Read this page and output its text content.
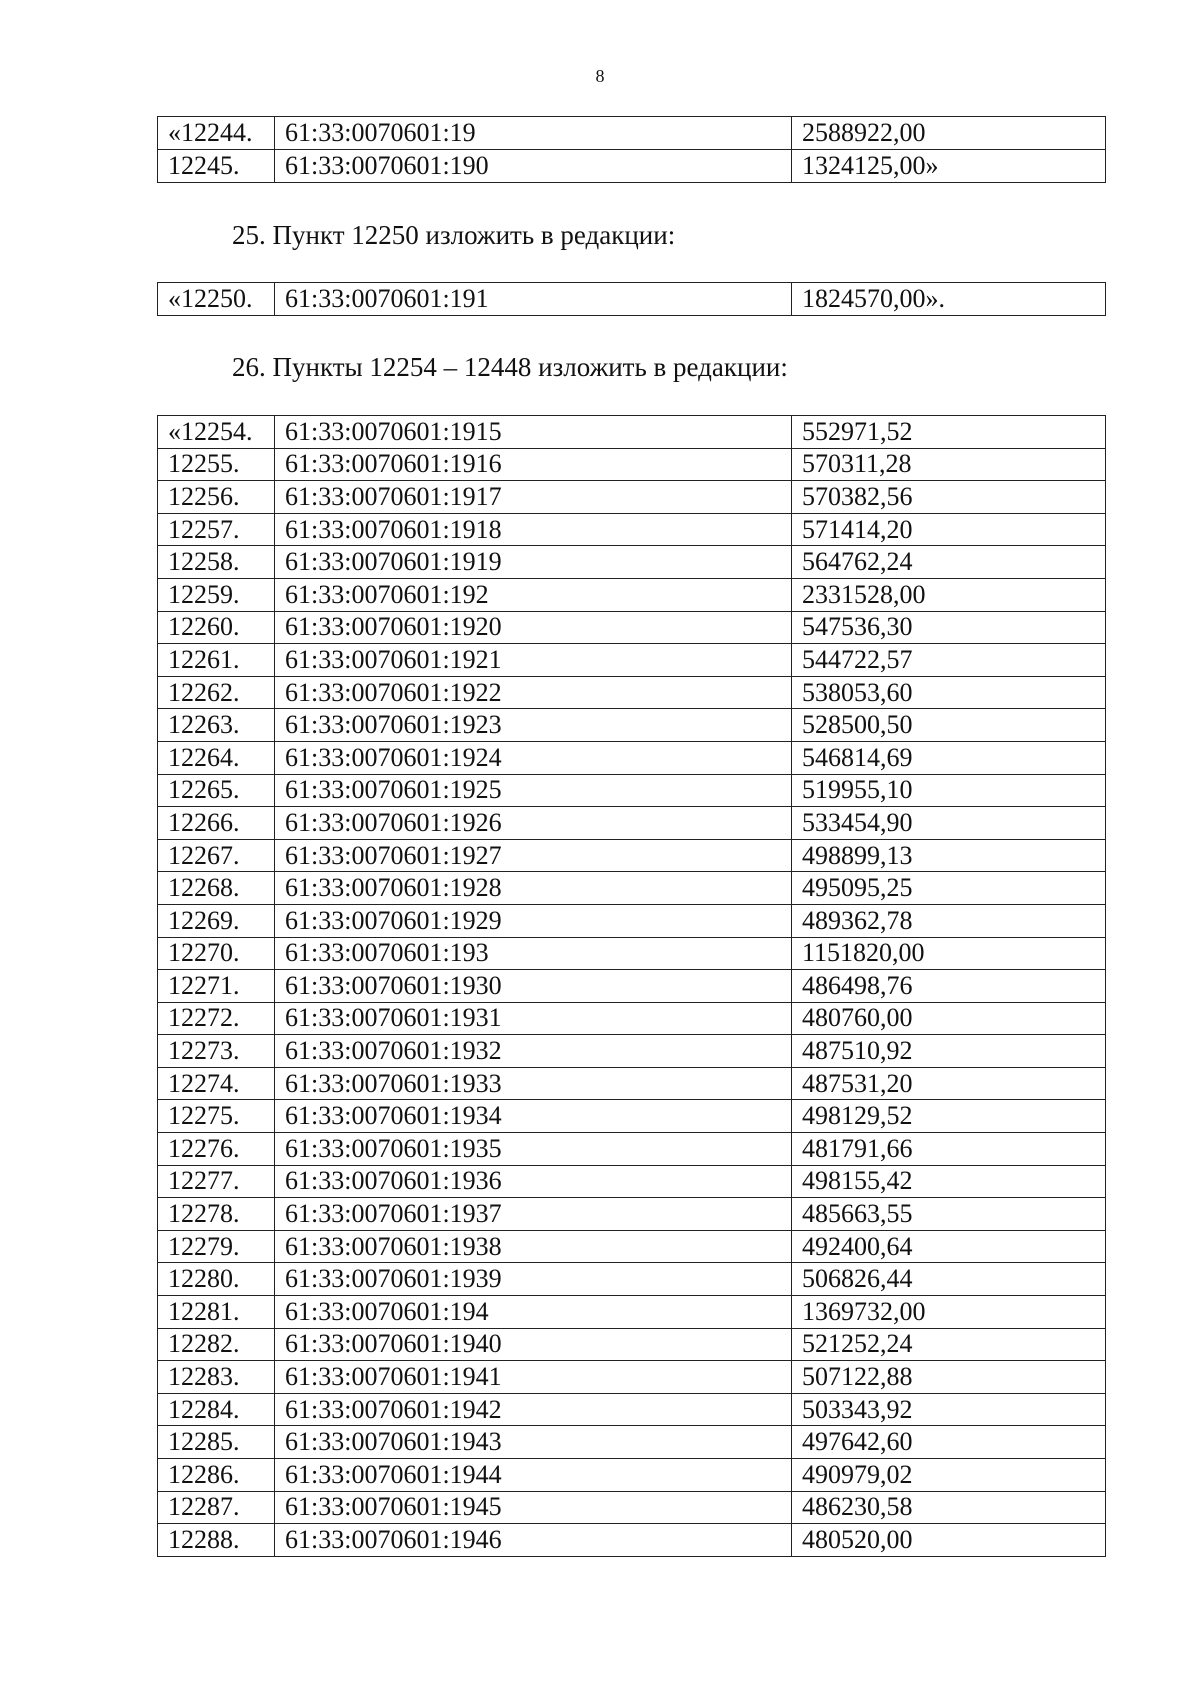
8
«12244.	61:33:0070601:19	2588922,00
12245.	61:33:0070601:190	1324125,00»
25. Пункт 12250 изложить в редакции:
«12250.	61:33:0070601:191	1824570,00».
26. Пункты 12254 – 12448 изложить в редакции:
«12254.	61:33:0070601:1915	552971,52
12255.	61:33:0070601:1916	570311,28
12256.	61:33:0070601:1917	570382,56
12257.	61:33:0070601:1918	571414,20
12258.	61:33:0070601:1919	564762,24
12259.	61:33:0070601:192	2331528,00
12260.	61:33:0070601:1920	547536,30
12261.	61:33:0070601:1921	544722,57
12262.	61:33:0070601:1922	538053,60
12263.	61:33:0070601:1923	528500,50
12264.	61:33:0070601:1924	546814,69
12265.	61:33:0070601:1925	519955,10
12266.	61:33:0070601:1926	533454,90
12267.	61:33:0070601:1927	498899,13
12268.	61:33:0070601:1928	495095,25
12269.	61:33:0070601:1929	489362,78
12270.	61:33:0070601:193	1151820,00
12271.	61:33:0070601:1930	486498,76
12272.	61:33:0070601:1931	480760,00
12273.	61:33:0070601:1932	487510,92
12274.	61:33:0070601:1933	487531,20
12275.	61:33:0070601:1934	498129,52
12276.	61:33:0070601:1935	481791,66
12277.	61:33:0070601:1936	498155,42
12278.	61:33:0070601:1937	485663,55
12279.	61:33:0070601:1938	492400,64
12280.	61:33:0070601:1939	506826,44
12281.	61:33:0070601:194	1369732,00
12282.	61:33:0070601:1940	521252,24
12283.	61:33:0070601:1941	507122,88
12284.	61:33:0070601:1942	503343,92
12285.	61:33:0070601:1943	497642,60
12286.	61:33:0070601:1944	490979,02
12287.	61:33:0070601:1945	486230,58
12288.	61:33:0070601:1946	480520,00
